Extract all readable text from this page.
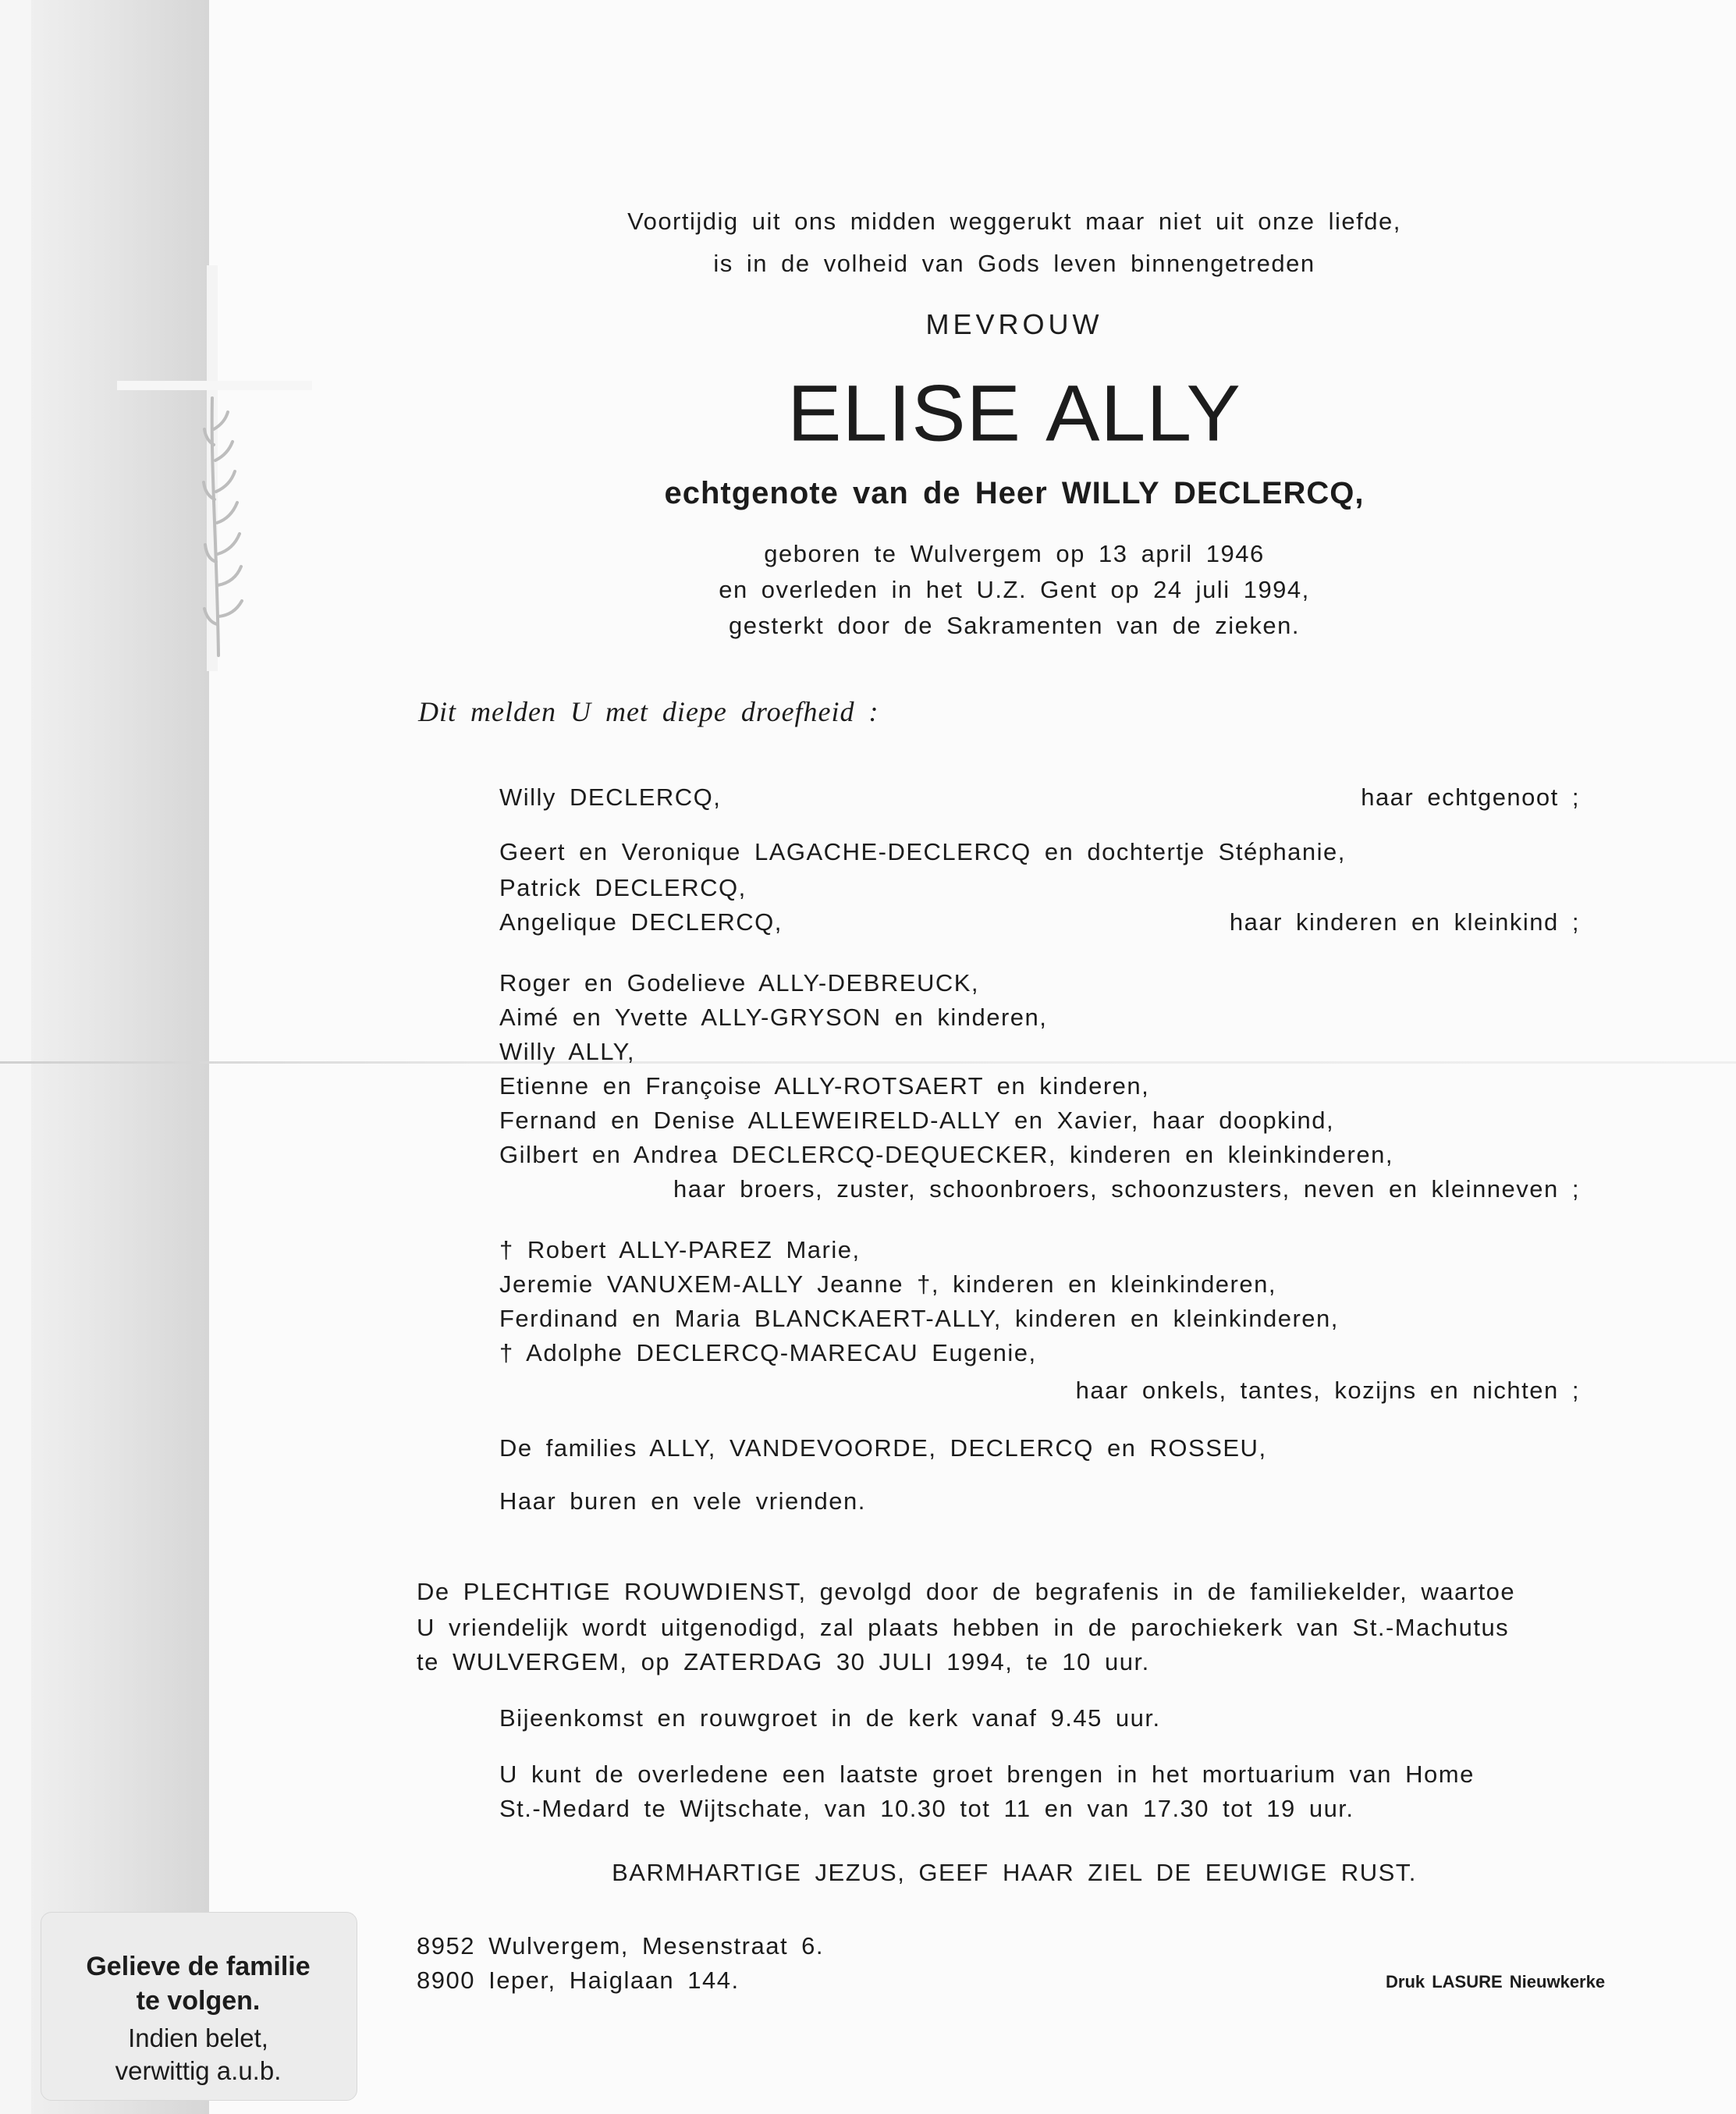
Voortijdig uit ons midden weggerukt maar niet uit onze liefde,
is in de volheid van Gods leven binnengetreden
MEVROUW
ELISE ALLY
echtgenote van de Heer WILLY DECLERCQ,
geboren te Wulvergem op 13 april 1946
en overleden in het U.Z. Gent op 24 juli 1994,
gesterkt door de Sakramenten van de zieken.
Dit melden U met diepe droefheid :
Willy DECLERCQ,	haar echtgenoot ;
Geert en Veronique LAGACHE-DECLERCQ en dochtertje Stéphanie,
Patrick DECLERCQ,
Angelique DECLERCQ,	haar kinderen en kleinkind ;
Roger en Godelieve ALLY-DEBREUCK,
Aimé en Yvette ALLY-GRYSON en kinderen,
Willy ALLY,
Etienne en Françoise ALLY-ROTSAERT en kinderen,
Fernand en Denise ALLEWEIRELD-ALLY en Xavier, haar doopkind,
Gilbert en Andrea DECLERCQ-DEQUECKER, kinderen en kleinkinderen,
haar broers, zuster, schoonbroers, schoonzusters, neven en kleinneven ;
† Robert ALLY-PAREZ Marie,
Jeremie VANUXEM-ALLY Jeanne †, kinderen en kleinkinderen,
Ferdinand en Maria BLANCKAERT-ALLY, kinderen en kleinkinderen,
† Adolphe DECLERCQ-MARECAU Eugenie,
haar onkels, tantes, kozijns en nichten ;
De families ALLY, VANDEVOORDE, DECLERCQ en ROSSEU,
Haar buren en vele vrienden.
De PLECHTIGE ROUWDIENST, gevolgd door de begrafenis in de familiekelder, waartoe
U vriendelijk wordt uitgenodigd, zal plaats hebben in de parochiekerk van St.-Machutus
te WULVERGEM, op ZATERDAG 30 JULI 1994, te 10 uur.
Bijeenkomst en rouwgroet in de kerk vanaf 9.45 uur.
U kunt de overledene een laatste groet brengen in het mortuarium van Home
St.-Medard te Wijtschate, van 10.30 tot 11 en van 17.30 tot 19 uur.
BARMHARTIGE JEZUS, GEEF HAAR ZIEL DE EEUWIGE RUST.
8952 Wulvergem, Mesenstraat 6.
8900 Ieper, Haiglaan 144.	Druk LASURE Nieuwkerke
Gelieve de familie
te volgen.
Indien belet,
verwittig a.u.b.
